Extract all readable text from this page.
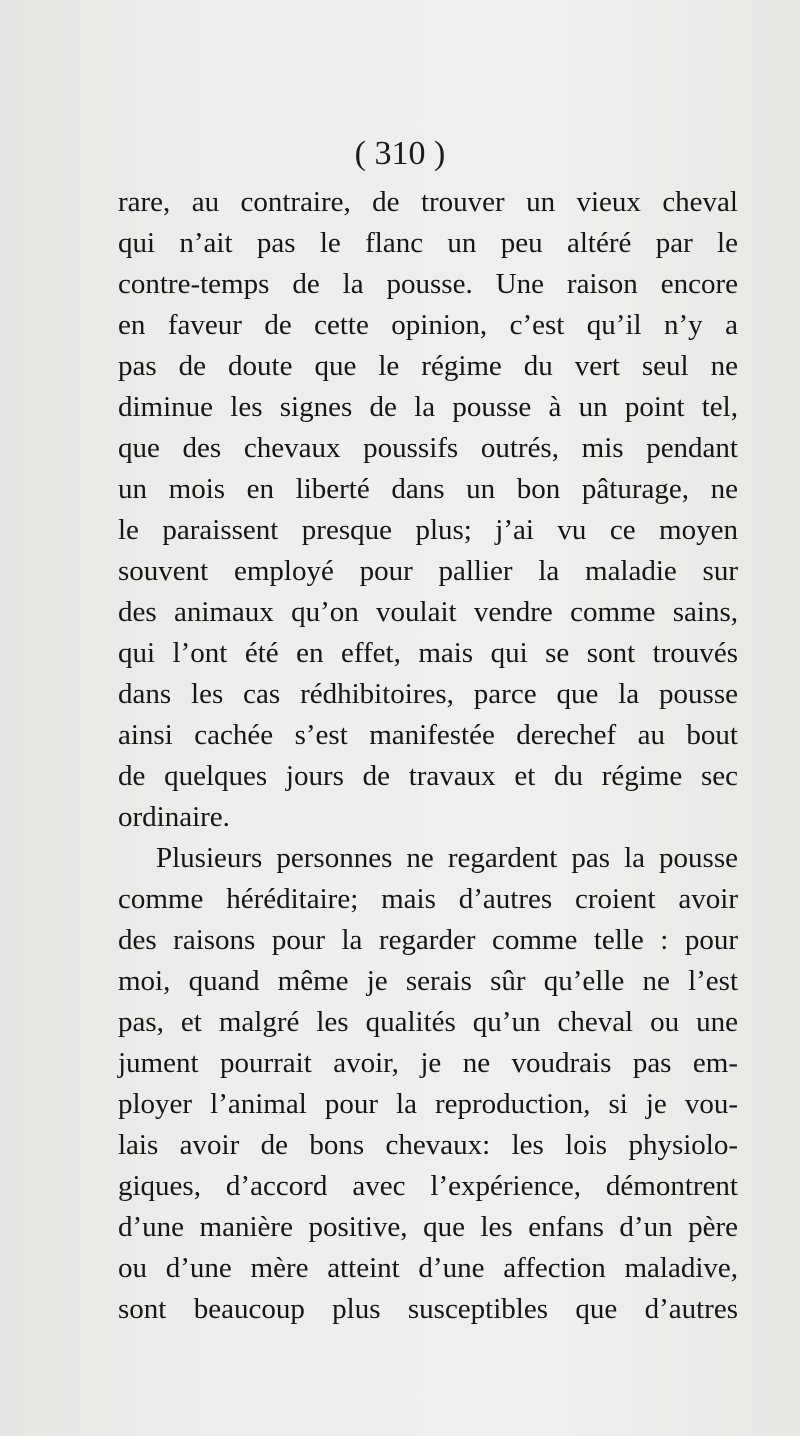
( 310 )
rare, au contraire, de trouver un vieux cheval
qui n’ait pas le flanc un peu altéré par le
contre-temps de la pousse. Une raison encore
en faveur de cette opinion, c’est qu’il n’y a
pas de doute que le régime du vert seul ne
diminue les signes de la pousse à un point tel,
que des chevaux poussifs outrés, mis pendant
un mois en liberté dans un bon pâturage, ne
le paraissent presque plus; j’ai vu ce moyen
souvent employé pour pallier la maladie sur
des animaux qu’on voulait vendre comme sains,
qui l’ont été en effet, mais qui se sont trouvés
dans les cas rédhibitoires, parce que la pousse
ainsi cachée s’est manifestée derechef au bout
de quelques jours de travaux et du régime sec
ordinaire.
Plusieurs personnes ne regardent pas la pousse
comme héréditaire; mais d’autres croient avoir
des raisons pour la regarder comme telle : pour
moi, quand même je serais sûr qu’elle ne l’est
pas, et malgré les qualités qu’un cheval ou une
jument pourrait avoir, je ne voudrais pas em-
ployer l’animal pour la reproduction, si je vou-
lais avoir de bons chevaux: les lois physiolo-
giques, d’accord avec l’expérience, démontrent
d’une manière positive, que les enfans d’un père
ou d’une mère atteint d’une affection maladive,
sont beaucoup plus susceptibles que d’autres
